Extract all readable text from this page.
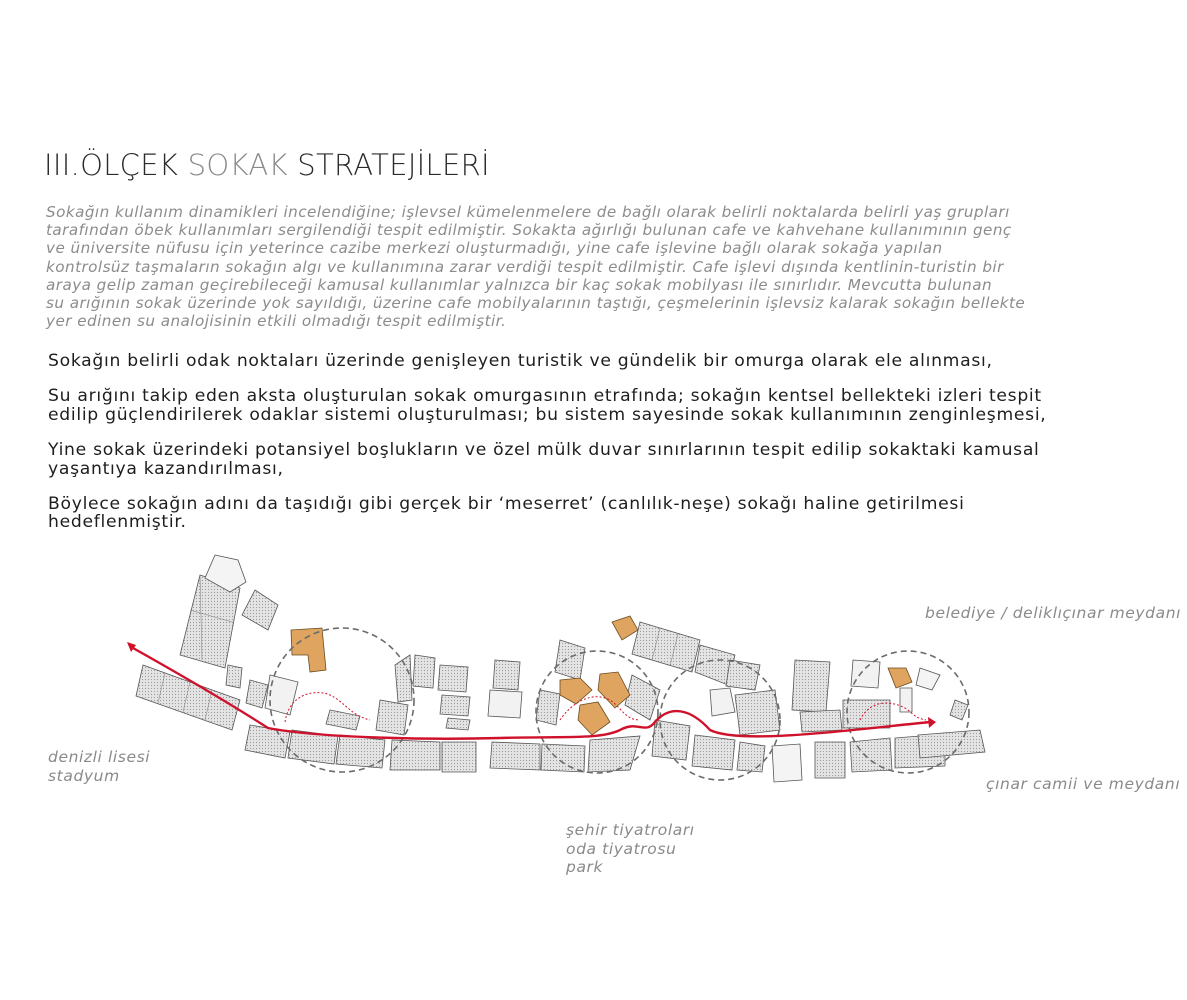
III.ÖLÇEK SOKAK STRATEJİLERİ
Sokağın kullanım dinamikleri incelendiğine; işlevsel kümelenmelere de bağlı olarak belirli noktalarda belirli yaş grupları
tarafından öbek kullanımları sergilendiği tespit edilmiştir. Sokakta ağırlığı bulunan cafe ve kahvehane kullanımının genç
ve üniversite nüfusu için yeterince cazibe merkezi oluşturmadığı, yine cafe işlevine bağlı olarak sokağa yapılan
kontrolsüz taşmaların sokağın algı ve kullanımına zarar verdiği tespit edilmiştir. Cafe işlevi dışında kentlinin-turistin bir
araya gelip zaman geçirebileceği kamusal kullanımlar yalnızca bir kaç sokak mobilyası ile sınırlıdır. Mevcutta bulunan
su arığının sokak üzerinde yok sayıldığı, üzerine cafe mobilyalarının taştığı, çeşmelerinin işlevsiz kalarak sokağın bellekte
yer edinen su analojisinin etkili olmadığı tespit edilmiştir.

Sokağın belirli odak noktaları üzerinde genişleyen turistik ve gündelik bir omurga olarak ele alınması,

Su arığını takip eden aksta oluşturulan sokak omurgasının etrafında; sokağın kentsel bellekteki izleri tespit
edilip güçlendirilerek odaklar sistemi oluşturulması; bu sistem sayesinde sokak kullanımının zenginleşmesi,

Yine sokak üzerindeki potansiyel boşlukların ve özel mülk duvar sınırlarının tespit edilip sokaktaki kamusal
yaşantıya kazandırılması,

Böylece sokağın adını da taşıdığı gibi gerçek bir ‘meserret’ (canlılık-neşe) sokağı haline getirilmesi
hedeflenmiştir.

belediye / deliklıçınar meydanı
denizli lisesi
stadyum	çınar camii ve meydanı
şehir tiyatroları
oda tiyatrosu
park
